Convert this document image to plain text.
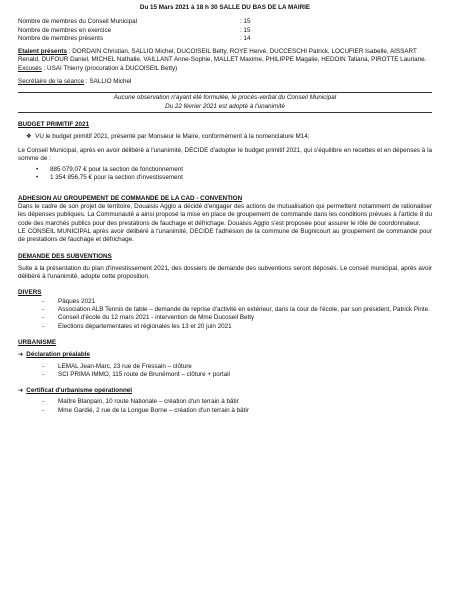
Du 15 Mars 2021 à 18 h 30 SALLE DU BAS DE LA MAIRIE

Nombre de membres du Conseil Municipal	: 15
Nombre de membres en exercice	: 15
Nombre de membres présents	: 14

Etaient présents : DORDAIN Christian, SALLIO Michel, DUCOISEIL Betty, ROYE Hervé, DUCCESCHI Patrick, LOCUFIER Isabelle, AISSART Renald, DUFOUR Daniel, MICHEL Nathalie, VAILLANT Anne-Sophie, MALLET Maxime, PHILIPPE Magalie, HEDOIN Tatiana, PIROTTE Lauriane.

Excusés : USAI Thierry (procuration à DUCOISEIL Betty)

Secrétaire de la séance : SALLIO Michel

Aucune observation n'ayant été formulée, le procès-verbal du Conseil Municipal

Du 22 février 2021 est adopté à l'unanimité

BUDGET PRIMITIF 2021

❖ VU le budget primitif 2021, présenté par Monsieur le Maire, conformément à la nomenclature M14;

Le Conseil Municipal, après en avoir délibéré à l'unanimité, DECIDE d'adopter le budget primitif 2021, qui s'équilibre en recettes et en dépenses à la somme de :

• 885 079,07 € pour la section de fonctionnement
• 1 354 856,75 € pour la section d'investissement

ADHESION AU GROUPEMENT DE COMMANDE DE LA CAD - CONVENTION

Dans le cadre de son projet de territoire, Douaisis Agglo a décidé d'engager des actions de mutualisation qui permettent notamment de rationaliser les dépenses publiques. La Communauté a ainsi proposé la mise en place de groupement de commande dans les conditions prévues à l'article 8 du code des marchés publics pour des prestations de fauchage et défrichage. Douaisis Agglo s'est proposée pour assurer le rôle de coordonnateur.

LE CONSEIL MUNICIPAL après avoir délibéré à l'unanimité, DECIDE l'adhésion de la commune de Bugnicourt au groupement de commande pour de prestations de fauchage et défrichage.

DEMANDE DES SUBVENTIONS

Suite à la présentation du plan d'investissement 2021, des dossiers de demande des subventions seront déposés. Le conseil municipal, après avoir délibéré à l'unanimité, adopte cette proposition.

DIVERS

- Pâques 2021
- Association ALB Tennis de table – demande de reprise d'activité en extérieur, dans la cour de l'école, par son président, Patrick Pinte.
- Conseil d'école du 12 mars 2021 - intervention de Mme Ducoseil Betty
- Elections départementales et régionales les 13 et 20 juin 2021

URBANISME

➔ Déclaration préalable

- LEMAL Jean-Marc, 23 rue de Fressain – clôture
- SCI PRIMA IMMO, 115 route de Brunémont – clôture + portail

➔ Certificat d'urbanisme opérationnel

- Maître Blanpain, 10 route Nationale – création d'un terrain à bâtir
- Mme Gardié, 2 rue de la Longue Borne – création d'un terrain à bâtir
